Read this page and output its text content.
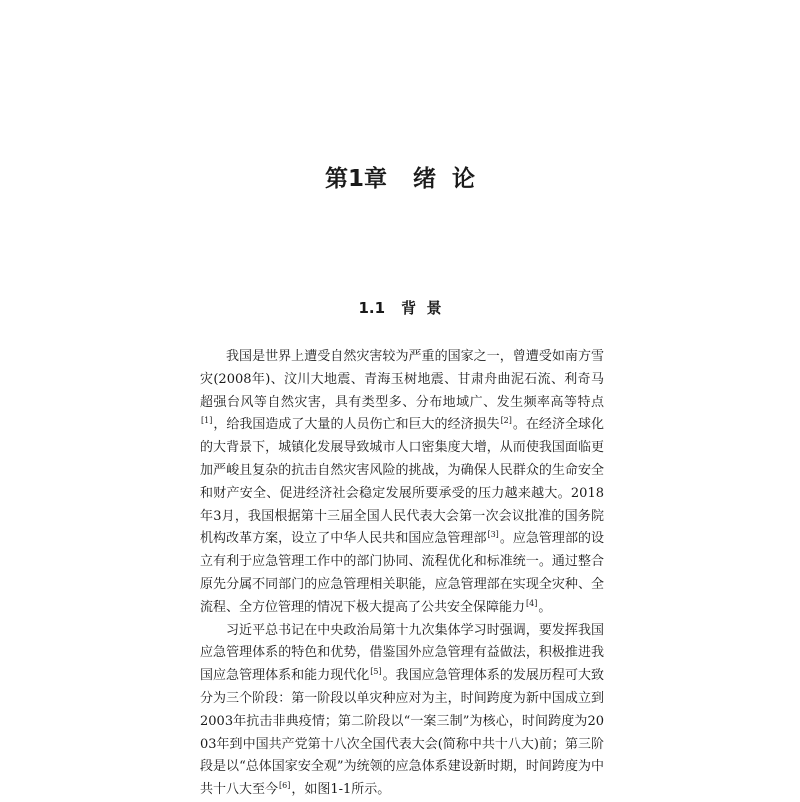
第1章 绪  论
1.1 背  景

我国是世界上遭受自然灾害较为严重的国家之一，曾遭受如南方雪灾(2008年)、汶川大地震、青海玉树地震、甘肃舟曲泥石流、利奇马超强台风等自然灾害，具有类型多、分布地域广、发生频率高等特点[1]，给我国造成了大量的人员伤亡和巨大的经济损失[2]。在经济全球化的大背景下，城镇化发展导致城市人口密集度大增，从而使我国面临更加严峻且复杂的抗击自然灾害风险的挑战，为确保人民群众的生命安全和财产安全、促进经济社会稳定发展所要承受的压力越来越大。2018年3月，我国根据第十三届全国人民代表大会第一次会议批准的国务院机构改革方案，设立了中华人民共和国应急管理部[3]。应急管理部的设立有利于应急管理工作中的部门协同、流程优化和标准统一。通过整合原先分属不同部门的应急管理相关职能，应急管理部在实现全灾种、全流程、全方位管理的情况下极大提高了公共安全保障能力[4]。

习近平总书记在中央政治局第十九次集体学习时强调，要发挥我国应急管理体系的特色和优势，借鉴国外应急管理有益做法，积极推进我国应急管理体系和能力现代化[5]。我国应急管理体系的发展历程可大致分为三个阶段：第一阶段以单灾种应对为主，时间跨度为新中国成立到2003年抗击非典疫情；第二阶段以“一案三制”为核心，时间跨度为2003年到中国共产党第十八次全国代表大会(简称中共十八大)前；第三阶段是以“总体国家安全观”为统领的应急体系建设新时期，时间跨度为中共十八大至今[6]，如图1-1所示。
